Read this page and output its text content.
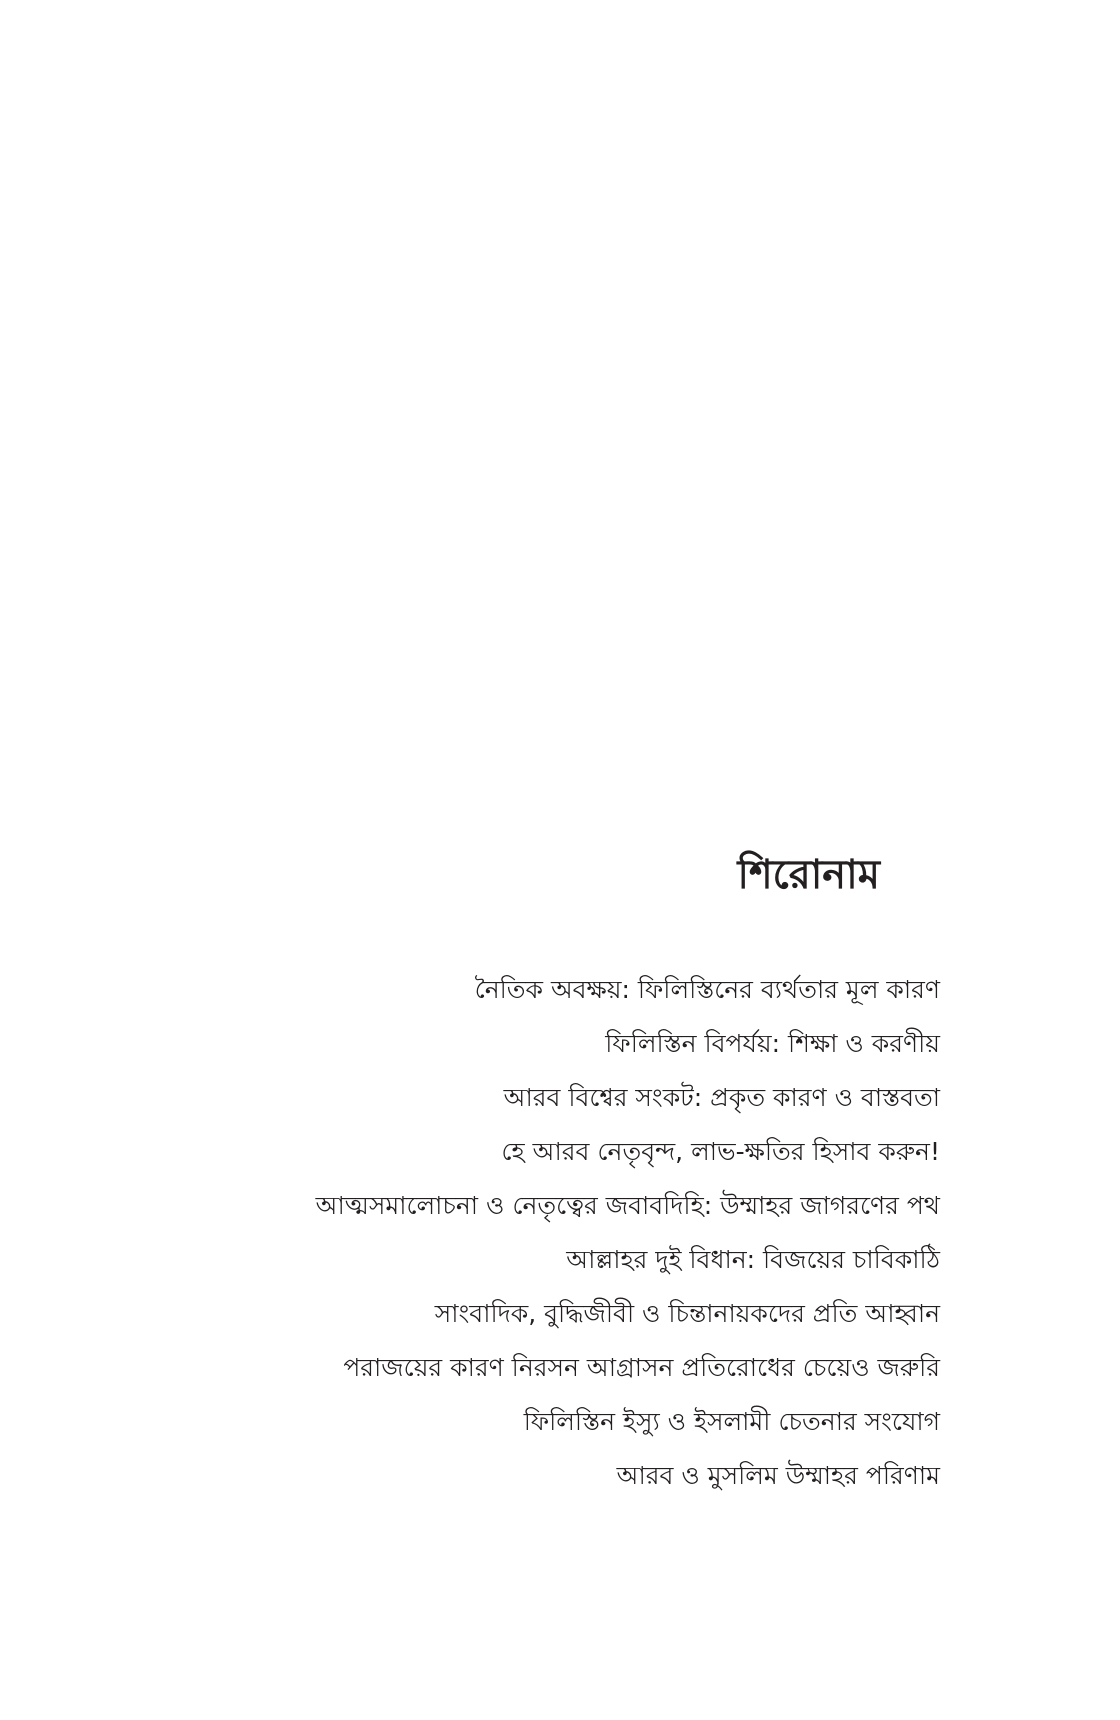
শিরোনাম
নৈতিক অবক্ষয়: ফিলিস্তিনের ব্যর্থতার মূল কারণ
ফিলিস্তিন বিপর্যয়: শিক্ষা ও করণীয়
আরব বিশ্বের সংকট: প্রকৃত কারণ ও বাস্তবতা
হে আরব নেতৃবৃন্দ, লাভ-ক্ষতির হিসাব করুন!
আত্মসমালোচনা ও নেতৃত্বের জবাবদিহি: উম্মাহর জাগরণের পথ
আল্লাহর দুই বিধান: বিজয়ের চাবিকাঠি
সাংবাদিক, বুদ্ধিজীবী ও চিন্তানায়কদের প্রতি আহ্বান
পরাজয়ের কারণ নিরসন আগ্রাসন প্রতিরোধের চেয়েও জরুরি
ফিলিস্তিন ইস্যু ও ইসলামী চেতনার সংযোগ
আরব ও মুসলিম উম্মাহর পরিণাম
